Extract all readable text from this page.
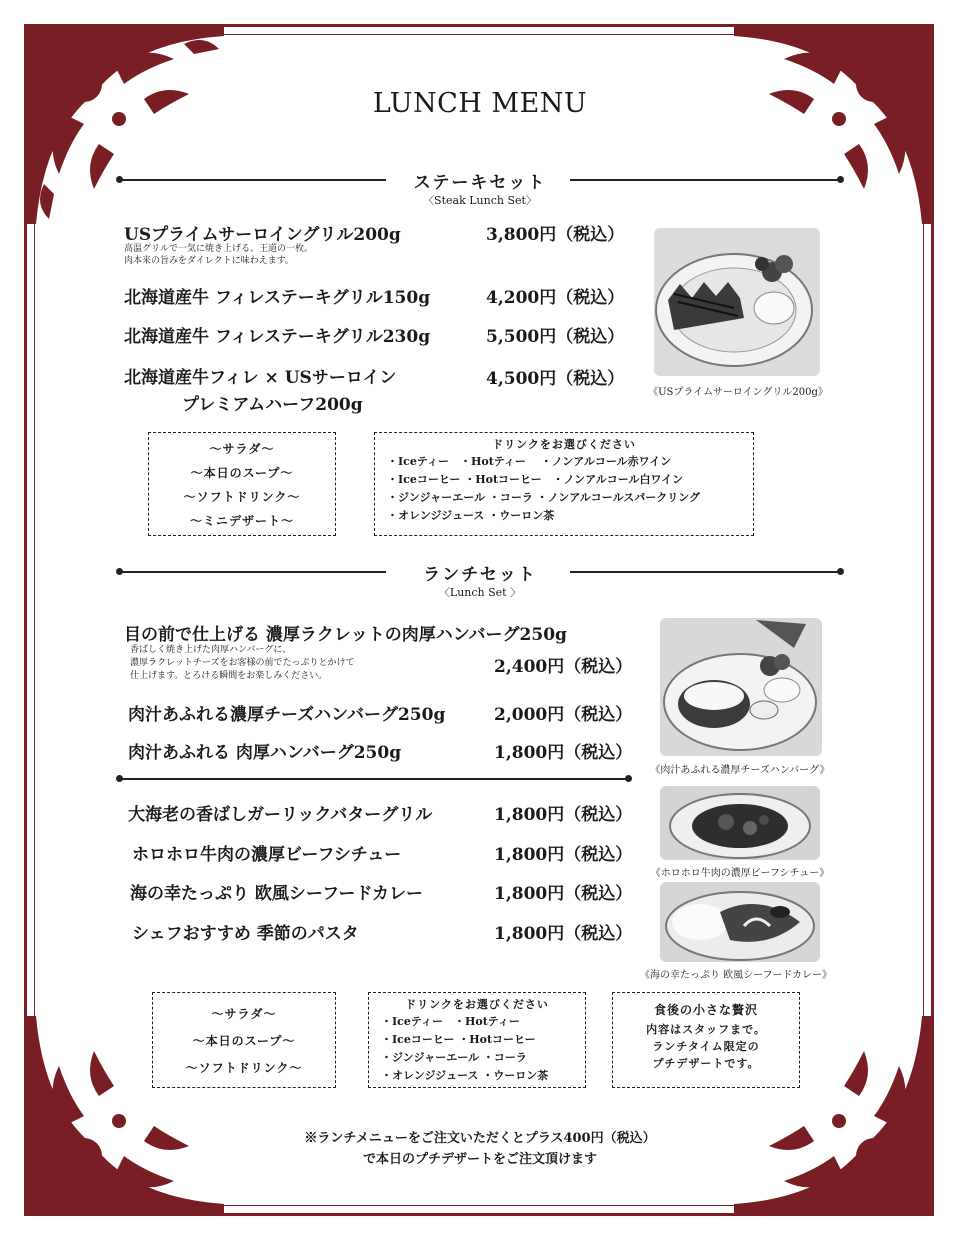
LUNCH MENU
ステーキセット
〈Steak Lunch Set〉
USプライムサーロイングリル200g	3,800円（税込）
高温グリルで一気に焼き上げる、王道の一枚。
肉本来の旨みをダイレクトに味わえます。
北海道産牛 フィレステーキグリル150g	4,200円（税込）
北海道産牛 フィレステーキグリル230g	5,500円（税込）
北海道産牛フィレ × USサーロイン
プレミアムハーフ200g
4,500円（税込）
《USプライムサーロイングリル200g》
～サラダ～
～本日のスープ～
～ソフトドリンク～
～ミニデザート～
ドリンクをお選びください
・Iceティー　・Hotティー　 ・ノンアルコール赤ワイン
・Iceコーヒー ・Hotコーヒー　・ノンアルコール白ワイン
・ジンジャーエール ・コーラ ・ノンアルコールスパークリング
・オレンジジュース ・ウーロン茶
ランチセット
〈Lunch Set 〉
目の前で仕上げる 濃厚ラクレットの肉厚ハンバーグ250g
香ばしく焼き上げた肉厚ハンバーグに、
濃厚ラクレットチーズをお客様の前でたっぷりとかけて
仕上げます。とろける瞬間をお楽しみください。	2,400円（税込）
肉汁あふれる濃厚チーズハンバーグ250g	2,000円（税込）
肉汁あふれる 肉厚ハンバーグ250g	1,800円（税込）
《肉汁あふれる濃厚チーズハンバーグ》
大海老の香ばしガーリックバターグリル	1,800円（税込）
ホロホロ牛肉の濃厚ビーフシチュー	1,800円（税込）
海の幸たっぷり 欧風シーフードカレー	1,800円（税込）
シェフおすすめ 季節のパスタ	1,800円（税込）
《ホロホロ牛肉の濃厚ビーフシチュー》
《海の幸たっぷり 欧風シーフードカレー》
～サラダ～
～本日のスープ～
～ソフトドリンク～
ドリンクをお選びください
・Iceティー　・Hotティー
・Iceコーヒー ・Hotコーヒー
・ジンジャーエール ・コーラ
・オレンジジュース ・ウーロン茶
食後の小さな贅沢
内容はスタッフまで。
ランチタイム限定の
プチデザートです。
※ランチメニューをご注文いただくとプラス400円（税込）
で本日のプチデザートをご注文頂けます
